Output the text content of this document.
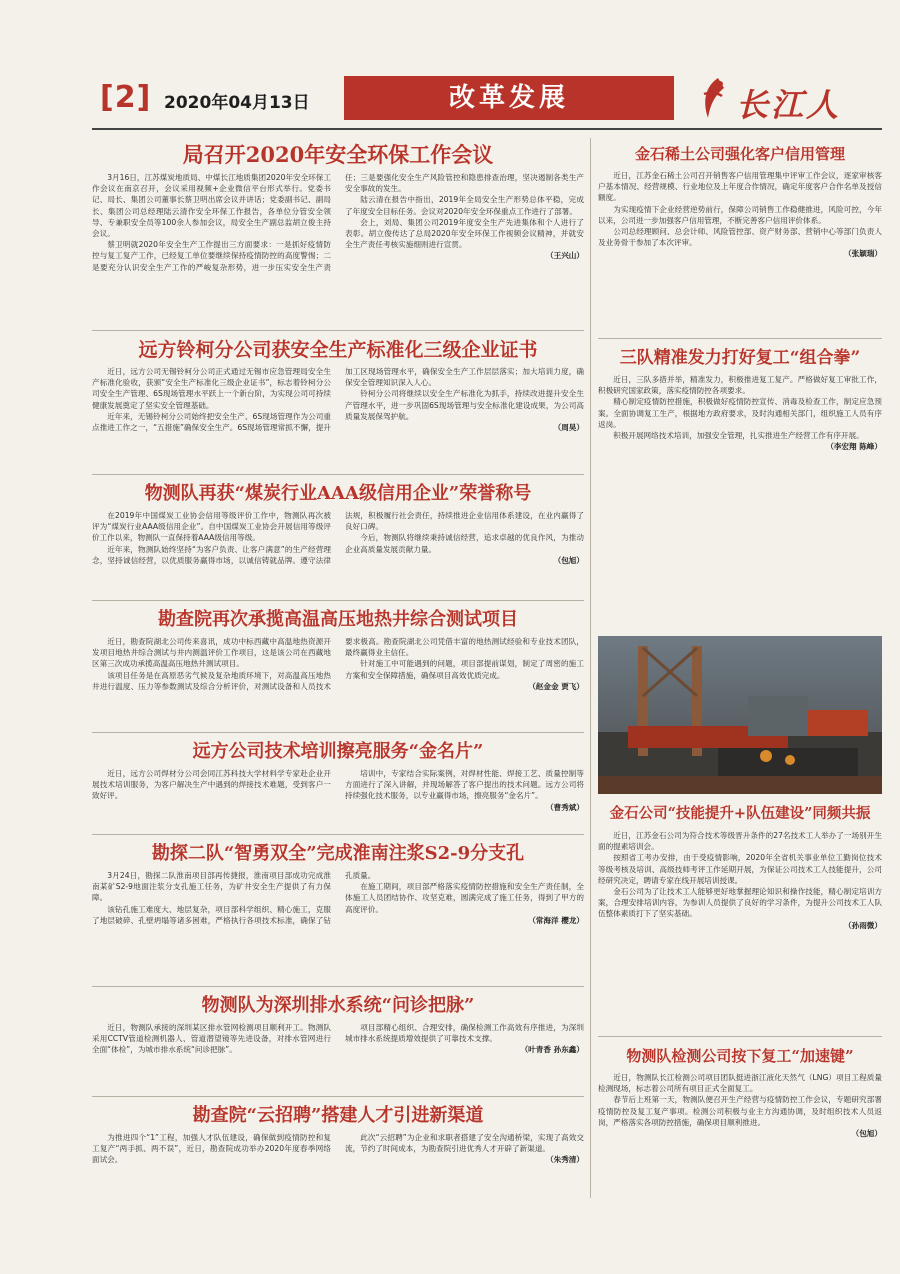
[2] 2020年04月13日	改革发展	长江人
局召开2020年安全环保工作会议

3月16日，江苏煤炭地质局、中煤长江地质集团2020年安全环保工作会议在南京召开，会议采用视频+企业微信平台形式举行。党委书记、局长、集团公司董事长蔡卫明出席会议并讲话；党委副书记、副局长、集团公司总经理陆云清作安全环保工作报告，各单位分管安全领导、专兼职安全员等100余人参加会议，局安全生产副总监胡立俊主持会议。

蔡卫明就2020年安全生产工作提出三方面要求：一是抓好疫情防控与复工复产工作，已经复工单位要继续保持疫情防控的高度警惕；二是要充分认识安全生产工作的严峻复杂形势，进一步压实安全生产责任；三是要强化安全生产风险管控和隐患排查治理，坚决遏制各类生产安全事故的发生。

陆云清在报告中指出，2019年全局安全生产形势总体平稳，完成了年度安全目标任务。会议对2020年安全环保重点工作进行了部署。

会上，刘局、集团公司2019年度安全生产先进集体和个人进行了表彰。胡立俊传达了总局2020年安全环保工作视频会议精神，并就安全生产责任考核实施细则进行宣贯。

（王兴山）
远方铃柯分公司获安全生产标准化三级企业证书

近日，远方公司无锡铃柯分公司正式通过无锡市应急管理局安全生产标准化验收，获颁“安全生产标准化三级企业证书”，标志着铃柯分公司安全生产管理、6S现场管理水平跃上一个新台阶，为实现公司可持续健康发展奠定了坚实安全管理基础。

近年来，无锡铃柯分公司始终把安全生产、6S现场管理作为公司重点推进工作之一，“五措施”确保安全生产。6S现场管理常抓不懈，提升加工区现场管理水平，确保安全生产工作层层落实；加大培训力度，确保安全管理知识深入人心。

铃柯分公司将继续以安全生产标准化为抓手，持续改进提升安全生产管理水平，进一步巩固6S现场管理与安全标准化建设成果，为公司高质量发展保驾护航。

（周昊）
物测队再获“煤炭行业AAA级信用企业”荣誉称号

在2019年中国煤炭工业协会信用等级评价工作中，物测队再次被评为“煤炭行业AAA级信用企业”。自中国煤炭工业协会开展信用等级评价工作以来，物测队一直保持着AAA级信用等级。

近年来，物测队始终坚持“为客户负责、让客户满意”的生产经营理念，坚持诚信经营，以优质服务赢得市场，以诚信铸就品牌。遵守法律法规，积极履行社会责任，持续推进企业信用体系建设，在业内赢得了良好口碑。

今后，物测队将继续秉持诚信经营，追求卓越的优良作风，为推动企业高质量发展贡献力量。

（包旭）
勘查院再次承揽高温高压地热井综合测试项目

近日，勘查院湖北公司传来喜讯，成功中标西藏中高温地热资源开发项目地热井综合测试与井内测温评价工作项目，这是该公司在西藏地区第三次成功承揽高温高压地热井测试项目。

该项目任务是在高原恶劣气候及复杂地质环境下，对高温高压地热井进行温度、压力等参数测试及综合分析评价，对测试设备和人员技术要求极高。勘查院湖北公司凭借丰富的地热测试经验和专业技术团队，最终赢得业主信任。

针对施工中可能遇到的问题，项目部提前谋划，制定了周密的施工方案和安全保障措施，确保项目高效优质完成。

（赵金金 贾飞）
远方公司技术培训擦亮服务“金名片”

近日，远方公司焊材分公司会同江苏科技大学材料学专家赴企业开展技术培训服务，为客户解决生产中遇到的焊接技术难题，受到客户一致好评。

培训中，专家结合实际案例，对焊材性能、焊接工艺、质量控制等方面进行了深入讲解，并现场解答了客户提出的技术问题。远方公司将持续强化技术服务，以专业赢得市场，擦亮服务“金名片”。

（曹秀斌）
勘探二队“智勇双全”完成淮南注浆S2-9分支孔

3月24日，勘探二队淮南项目部再传捷报，淮南项目部成功完成淮南某矿S2-9地面注浆分支孔施工任务，为矿井安全生产提供了有力保障。

该钻孔施工难度大、地层复杂，项目部科学组织、精心施工，克服了地层破碎、孔壁坍塌等诸多困难，严格执行各项技术标准，确保了钻孔质量。

在施工期间，项目部严格落实疫情防控措施和安全生产责任制，全体施工人员团结协作、攻坚克难，圆满完成了施工任务，得到了甲方的高度评价。

（常海洋 樱龙）
物测队为深圳排水系统“问诊把脉”

近日，物测队承接的深圳某区排水管网检测项目顺利开工。物测队采用CCTV管道检测机器人、管道潜望镜等先进设备，对排水管网进行全面“体检”，为城市排水系统“问诊把脉”。

项目部精心组织、合理安排，确保检测工作高效有序推进，为深圳城市排水系统提质增效提供了可靠技术支撑。

（叶青香 孙东鑫）
勘查院“云招聘”搭建人才引进新渠道

为推进四个“1”工程，加强人才队伍建设，确保做到疫情防控和复工复产“两手抓、两不误”，近日，勘查院成功举办2020年度春季网络面试会。

此次“云招聘”为企业和求职者搭建了安全沟通桥梁，实现了高效交流，节约了时间成本，为勘查院引进优秀人才开辟了新渠道。

（朱秀清）
金石稀土公司强化客户信用管理

近日，江苏金石稀土公司召开销售客户信用管理集中评审工作会议，逐家审核客户基本情况、经营规模、行业地位及上年度合作情况，确定年度客户合作名单及授信额度。

为实现疫情下企业经营逆势前行，保障公司销售工作稳健推进，风险可控，今年以来，公司进一步加强客户信用管理，不断完善客户信用评价体系。

公司总经理顾问、总会计师、风险管控部、资产财务部、营销中心等部门负责人及业务骨干参加了本次评审。

（张颖瑞）
三队精准发力打好复工“组合拳”

近日，三队多措并举，精准发力，积极推进复工复产。严格做好复工审批工作，积极研究国家政策，落实疫情防控各项要求。

精心制定疫情防控措施，积极做好疫情防控宣传、消毒及检查工作，制定应急预案。全面协调复工生产，根据地方政府要求，及时沟通相关部门，组织施工人员有序返岗。

积极开展网络技术培训，加强安全管理，扎实推进生产经营工作有序开展。

（李宏翔 陈峰）
金石公司“技能提升+队伍建设”同频共振

近日，江苏金石公司为符合技术等级晋升条件的27名技术工人举办了一场别开生面的提素培训会。

按照省工考办安排，由于受疫情影响，2020年全省机关事业单位工勤岗位技术等级考核及培训、高级技师考评工作延期开展，为保证公司技术工人技能提升，公司经研究决定，聘请专家在线开展培训授课。

金石公司为了让技术工人能够更好地掌握理论知识和操作技能，精心制定培训方案，合理安排培训内容，为参训人员提供了良好的学习条件，为提升公司技术工人队伍整体素质打下了坚实基础。

（孙雨微）
物测队检测公司按下复工“加速键”

近日，物测队长江检测公司项目团队挺进浙江液化天然气（LNG）项目工程质量检测现场，标志着公司所有项目正式全面复工。

春节后上班第一天，物测队便召开生产经营与疫情防控工作会议，专题研究部署疫情防控及复工复产事项。检测公司积极与业主方沟通协调，及时组织技术人员返岗，严格落实各项防控措施，确保项目顺利推进。

（包旭）
